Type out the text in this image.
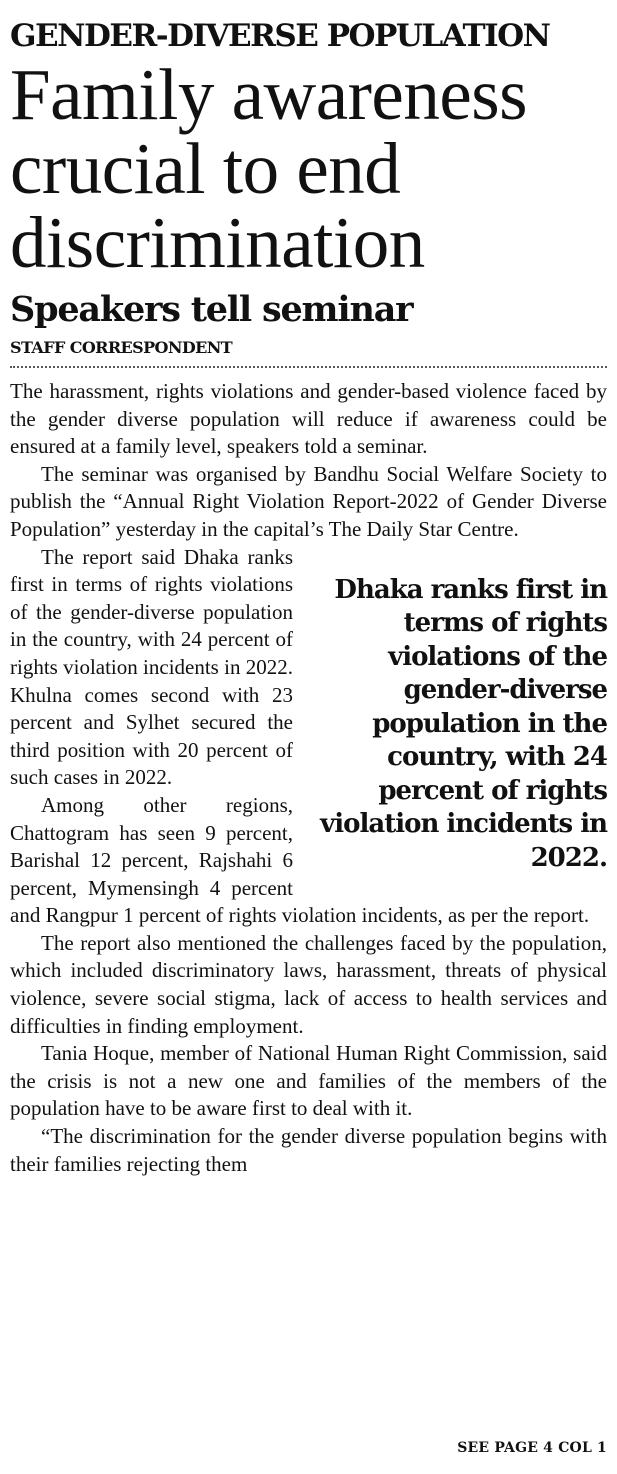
GENDER-DIVERSE POPULATION
Family awareness
crucial to end
discrimination
Speakers tell seminar
STAFF CORRESPONDENT

The harassment, rights violations and gender-based violence faced by the gender diverse population will reduce if awareness could be ensured at a family level, speakers told a seminar.

The seminar was organised by Bandhu Social Welfare Society to publish the “Annual Right Violation Report-2022 of Gender Diverse Population” yesterday in the capital’s The Daily Star Centre.

Dhaka ranks first in terms of rights violations of the gender-diverse population in the country, with 24 percent of rights violation incidents in 2022.

The report said Dhaka ranks first in terms of rights violations of the gender-diverse population in the country, with 24 percent of rights violation incidents in 2022. Khulna comes second with 23 percent and Sylhet secured the third position with 20 percent of such cases in 2022.

Among other regions, Chattogram has seen 9 percent, Barishal 12 percent, Rajshahi 6 percent, Mymensingh 4 percent and Rangpur 1 percent of rights violation incidents, as per the report.

The report also mentioned the challenges faced by the population, which included discriminatory laws, harassment, threats of physical violence, severe social stigma, lack of access to health services and difficulties in finding employment.

Tania Hoque, member of National Human Right Commission, said the crisis is not a new one and families of the members of the population have to be aware first to deal with it.

“The discrimination for the gender diverse population begins with their families rejecting them

SEE PAGE 4 COL 1
